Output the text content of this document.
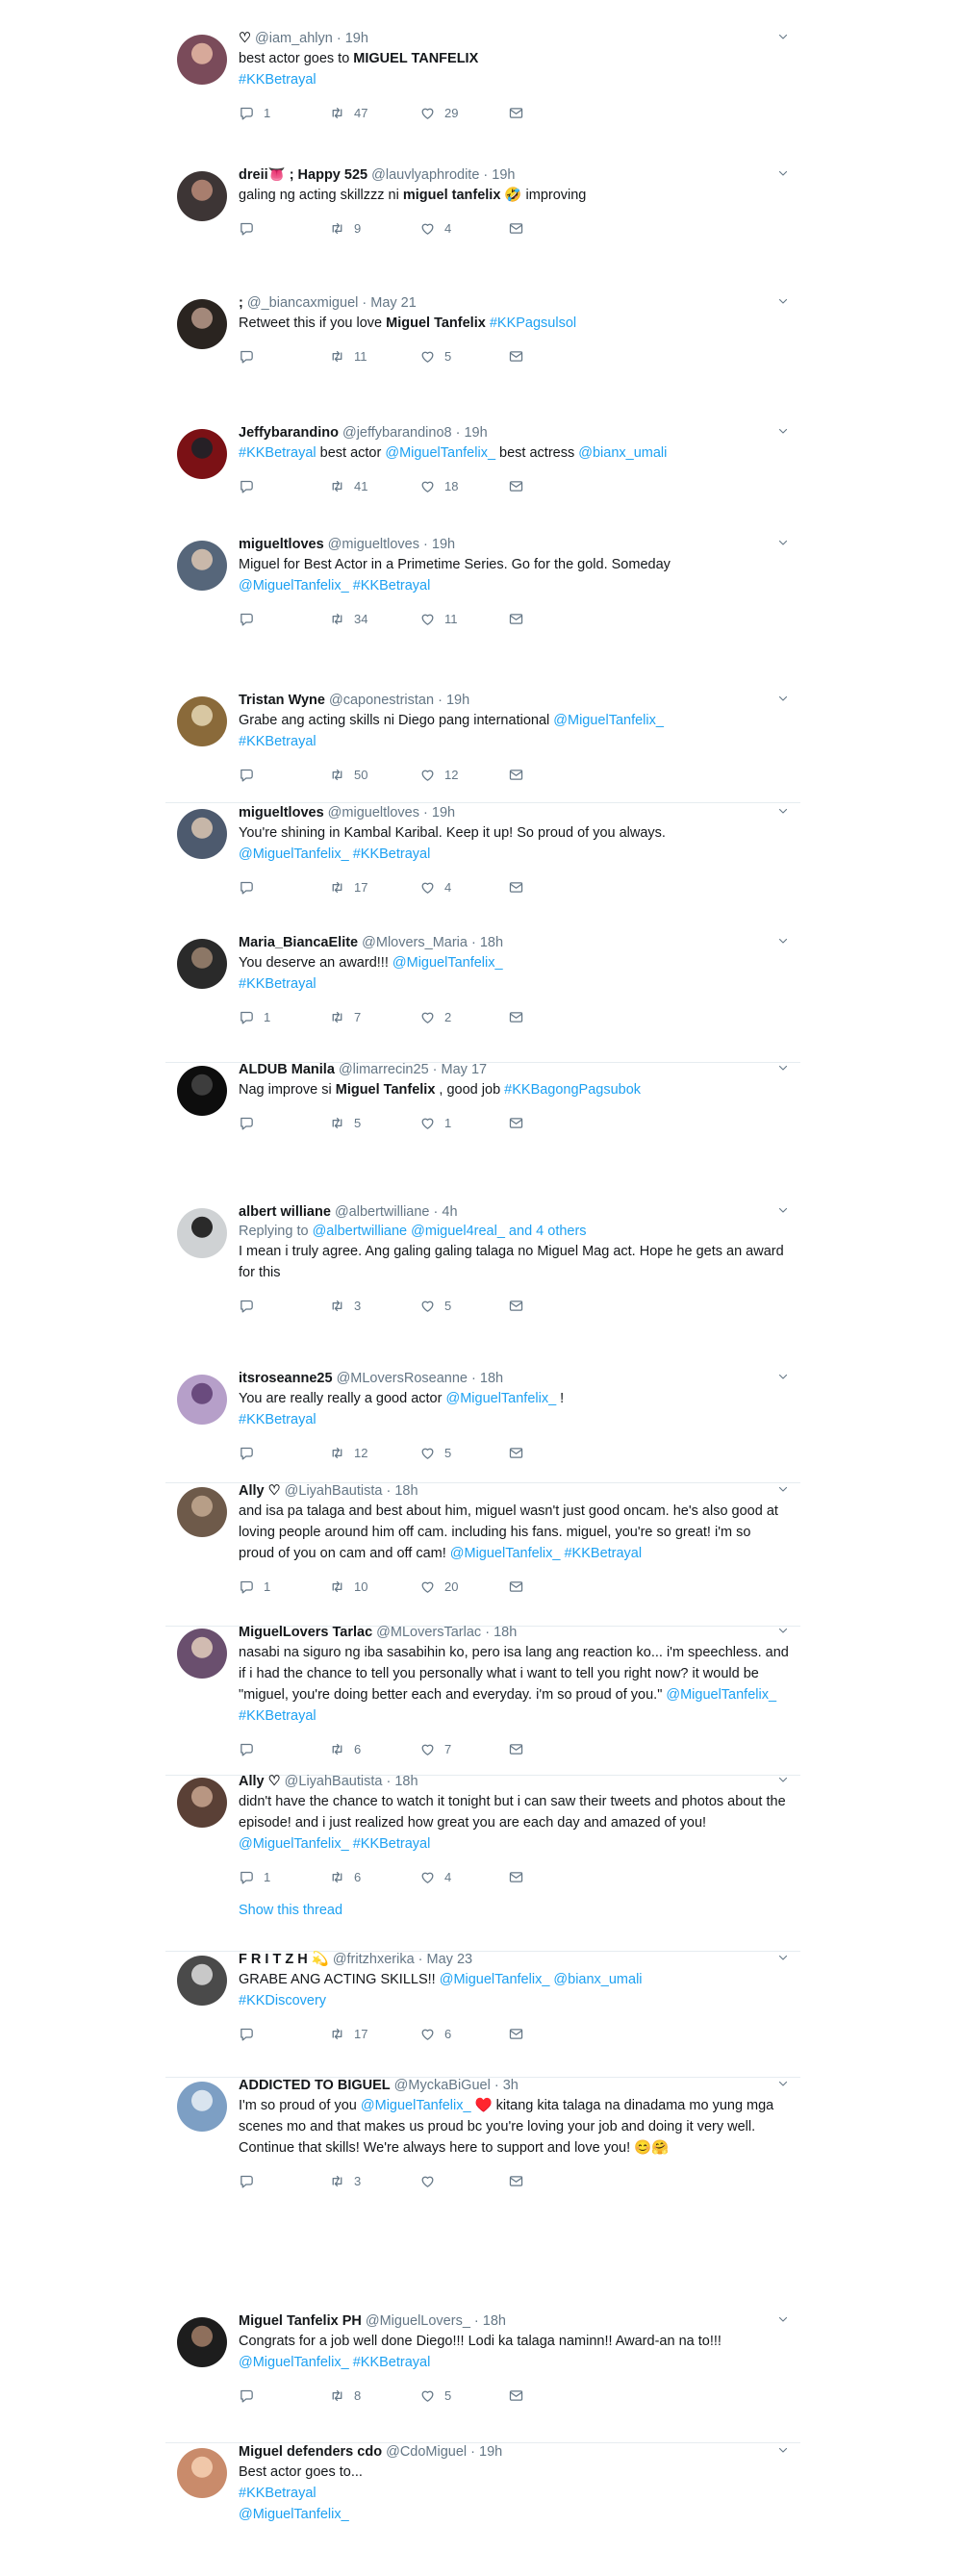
♡ @iam_ahlyn · 19h
best actor goes to MIGUEL TANFELIX
#KKBetrayal
1	47	29
dreii👅 ; Happy 525 @lauvlyaphrodite · 19h
galing ng acting skillzzz ni miguel tanfelix 🤣 improving
9	4
; @_biancaxmiguel · May 21
Retweet this if you love Miguel Tanfelix #KKPagsulsol
11	5
Jeffybarandino @jeffybarandino8 · 19h
#KKBetrayal best actor @MiguelTanfelix_ best actress @bianx_umali
41	18
migueltloves @migueltloves · 19h
Miguel for Best Actor in a Primetime Series. Go for the gold. Someday
@MiguelTanfelix_ #KKBetrayal
34	11
Tristan Wyne @caponestristan · 19h
Grabe ang acting skills ni Diego pang international @MiguelTanfelix_
#KKBetrayal
50	12
migueltloves @migueltloves · 19h
You're shining in Kambal Karibal. Keep it up! So proud of you always.
@MiguelTanfelix_ #KKBetrayal
17	4
Maria_BiancaElite @Mlovers_Maria · 18h
You deserve an award!!! @MiguelTanfelix_
#KKBetrayal
1	7	2
ALDUB Manila @limarrecin25 · May 17
Nag improve si Miguel Tanfelix , good job #KKBagongPagsubok
5	1
albert williane @albertwilliane · 4h
Replying to @albertwilliane @miguel4real_ and 4 others
I mean i truly agree. Ang galing galing talaga no Miguel Mag act. Hope he gets an award for this
3	5
itsroseanne25 @MLoversRoseanne · 18h
You are really really a good actor @MiguelTanfelix_ !
#KKBetrayal
12	5
Ally ♡ @LiyahBautista · 18h
and isa pa talaga and best about him, miguel wasn't just good oncam. he's also good at loving people around him off cam. including his fans. miguel, you're so great! i'm so proud of you on cam and off cam! @MiguelTanfelix_ #KKBetrayal
1	10	20
MiguelLovers Tarlac @MLoversTarlac · 18h
nasabi na siguro ng iba sasabihin ko, pero isa lang ang reaction ko... i'm speechless. and if i had the chance to tell you personally what i want to tell you right now? it would be "miguel, you're doing better each and everyday. i'm so proud of you." @MiguelTanfelix_ #KKBetrayal
6	7
Ally ♡ @LiyahBautista · 18h
didn't have the chance to watch it tonight but i can saw their tweets and photos about the episode! and i just realized how great you are each day and amazed of you! @MiguelTanfelix_ #KKBetrayal
1	6	4
Show this thread
F R I T Z H 💫 @fritzhxerika · May 23
GRABE ANG ACTING SKILLS!! @MiguelTanfelix_ @bianx_umali
#KKDiscovery
17	6
ADDICTED TO BIGUEL @MyckaBiGuel · 3h
I'm so proud of you @MiguelTanfelix_ ♥️ kitang kita talaga na dinadama mo yung mga scenes mo and that makes us proud bc you're loving your job and doing it very well. Continue that skills! We're always here to support and love you! 😊🤗
3
Miguel Tanfelix PH @MiguelLovers_ · 18h
Congrats for a job well done Diego!!! Lodi ka talaga naminn!! Award-an na to!!!
@MiguelTanfelix_ #KKBetrayal
8	5
Miguel defenders cdo @CdoMiguel · 19h
Best actor goes to...
#KKBetrayal
@MiguelTanfelix_
